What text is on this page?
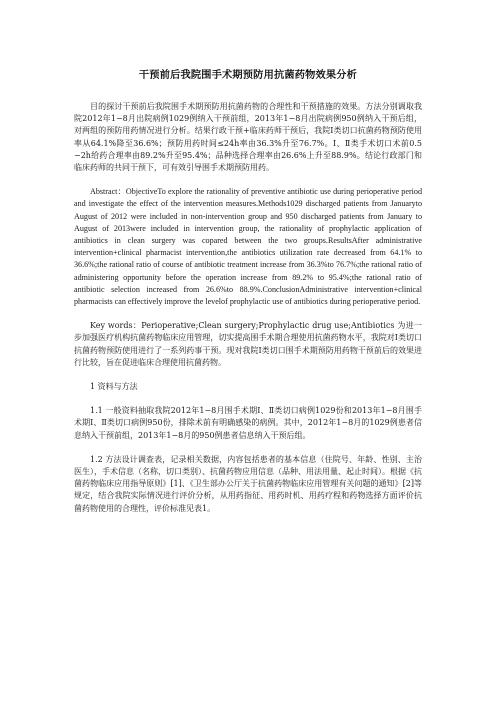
干预前后我院围手术期预防用抗菌药物效果分析

目的探讨干预前后我院围手术期预防用抗菌药物的合理性和干预措施的效果。方法分别调取我院2012年1−8月出院病例1029例纳入干预前组，2013年1−8月出院病例950例纳入干预后组，对两组的预防用药情况进行分析。结果行政干预+临床药师干预后，我院Ⅰ类切口抗菌药物预防使用率从64.1%降至36.6%；预防用药时间≤24h率由36.3%升至76.7%。Ⅰ、Ⅱ类手术切口术前0.5−2h给药合理率由89.2%升至95.4%；品种选择合理率由26.6%上升至88.9%。结论行政部门和临床药师的共同干预下，可有效引导围手术期预防用药。

Abstract：ObjectiveTo explore the rationality of preventive antibiotic use during perioperative period and investigate the effect of the intervention measures.Methods1029 discharged patients from Januaryto August of 2012 were included in non-intervention group and 950 discharged patients from January to August of 2013were included in intervention group, the rationality of prophylactic application of antibiotics in clean surgery was copared between the two groups.ResultsAfter administrative intervention+clinical pharmacist intervention,the antibiotics utilization rate decreased from 64.1% to 36.6%;the rational ratio of course of antibiotic treatment increase from 36.3%to 76.7%;the rational ratio of administering opportunity before the operation increase from 89.2% to 95.4%;the rational ratio of antibiotic selection increased from 26.6%to 88.9%.ConclusionAdministrative intervention+clinical pharmacists can effectively improve the levelof prophylactic use of antibiotics during perioperative period.

Key words：Perioperative;Clean surgery;Prophylactic drug use;Antibiotics 为进一步加强医疗机构抗菌药物临床应用管理，切实提高围手术期合理使用抗菌药物水平，我院对Ⅰ类切口抗菌药物预防使用进行了一系列药事干预。现对我院Ⅰ类切口围手术期预防用药物干预前后的效果进行比较，旨在促进临床合理使用抗菌药物。

1 资料与方法

1.1 一般资料抽取我院2012年1−8月围手术期Ⅰ、Ⅱ类切口病例1029份和2013年1−8月围手术期Ⅰ、Ⅱ类切口病例950份，排除术前有明确感染的病例。其中，2012年1−8月的1029例患者信息纳入干预前组，2013年1−8月的950例患者信息纳入干预后组。

1.2 方法设计调查表，记录相关数据，内容包括患者的基本信息（住院号、年龄、性别、主治医生），手术信息（名称，切口类别）、抗菌药物应用信息（品种、用法用量、起止时间）。根据《抗菌药物临床应用指导原则》[1]、《卫生部办公厅关于抗菌药物临床应用管理有关问题的通知》[2]等规定，结合我院实际情况进行评价分析，从用药指征、用药时机、用药疗程和药物选择方面评价抗菌药物使用的合理性，评价标准见表1。
